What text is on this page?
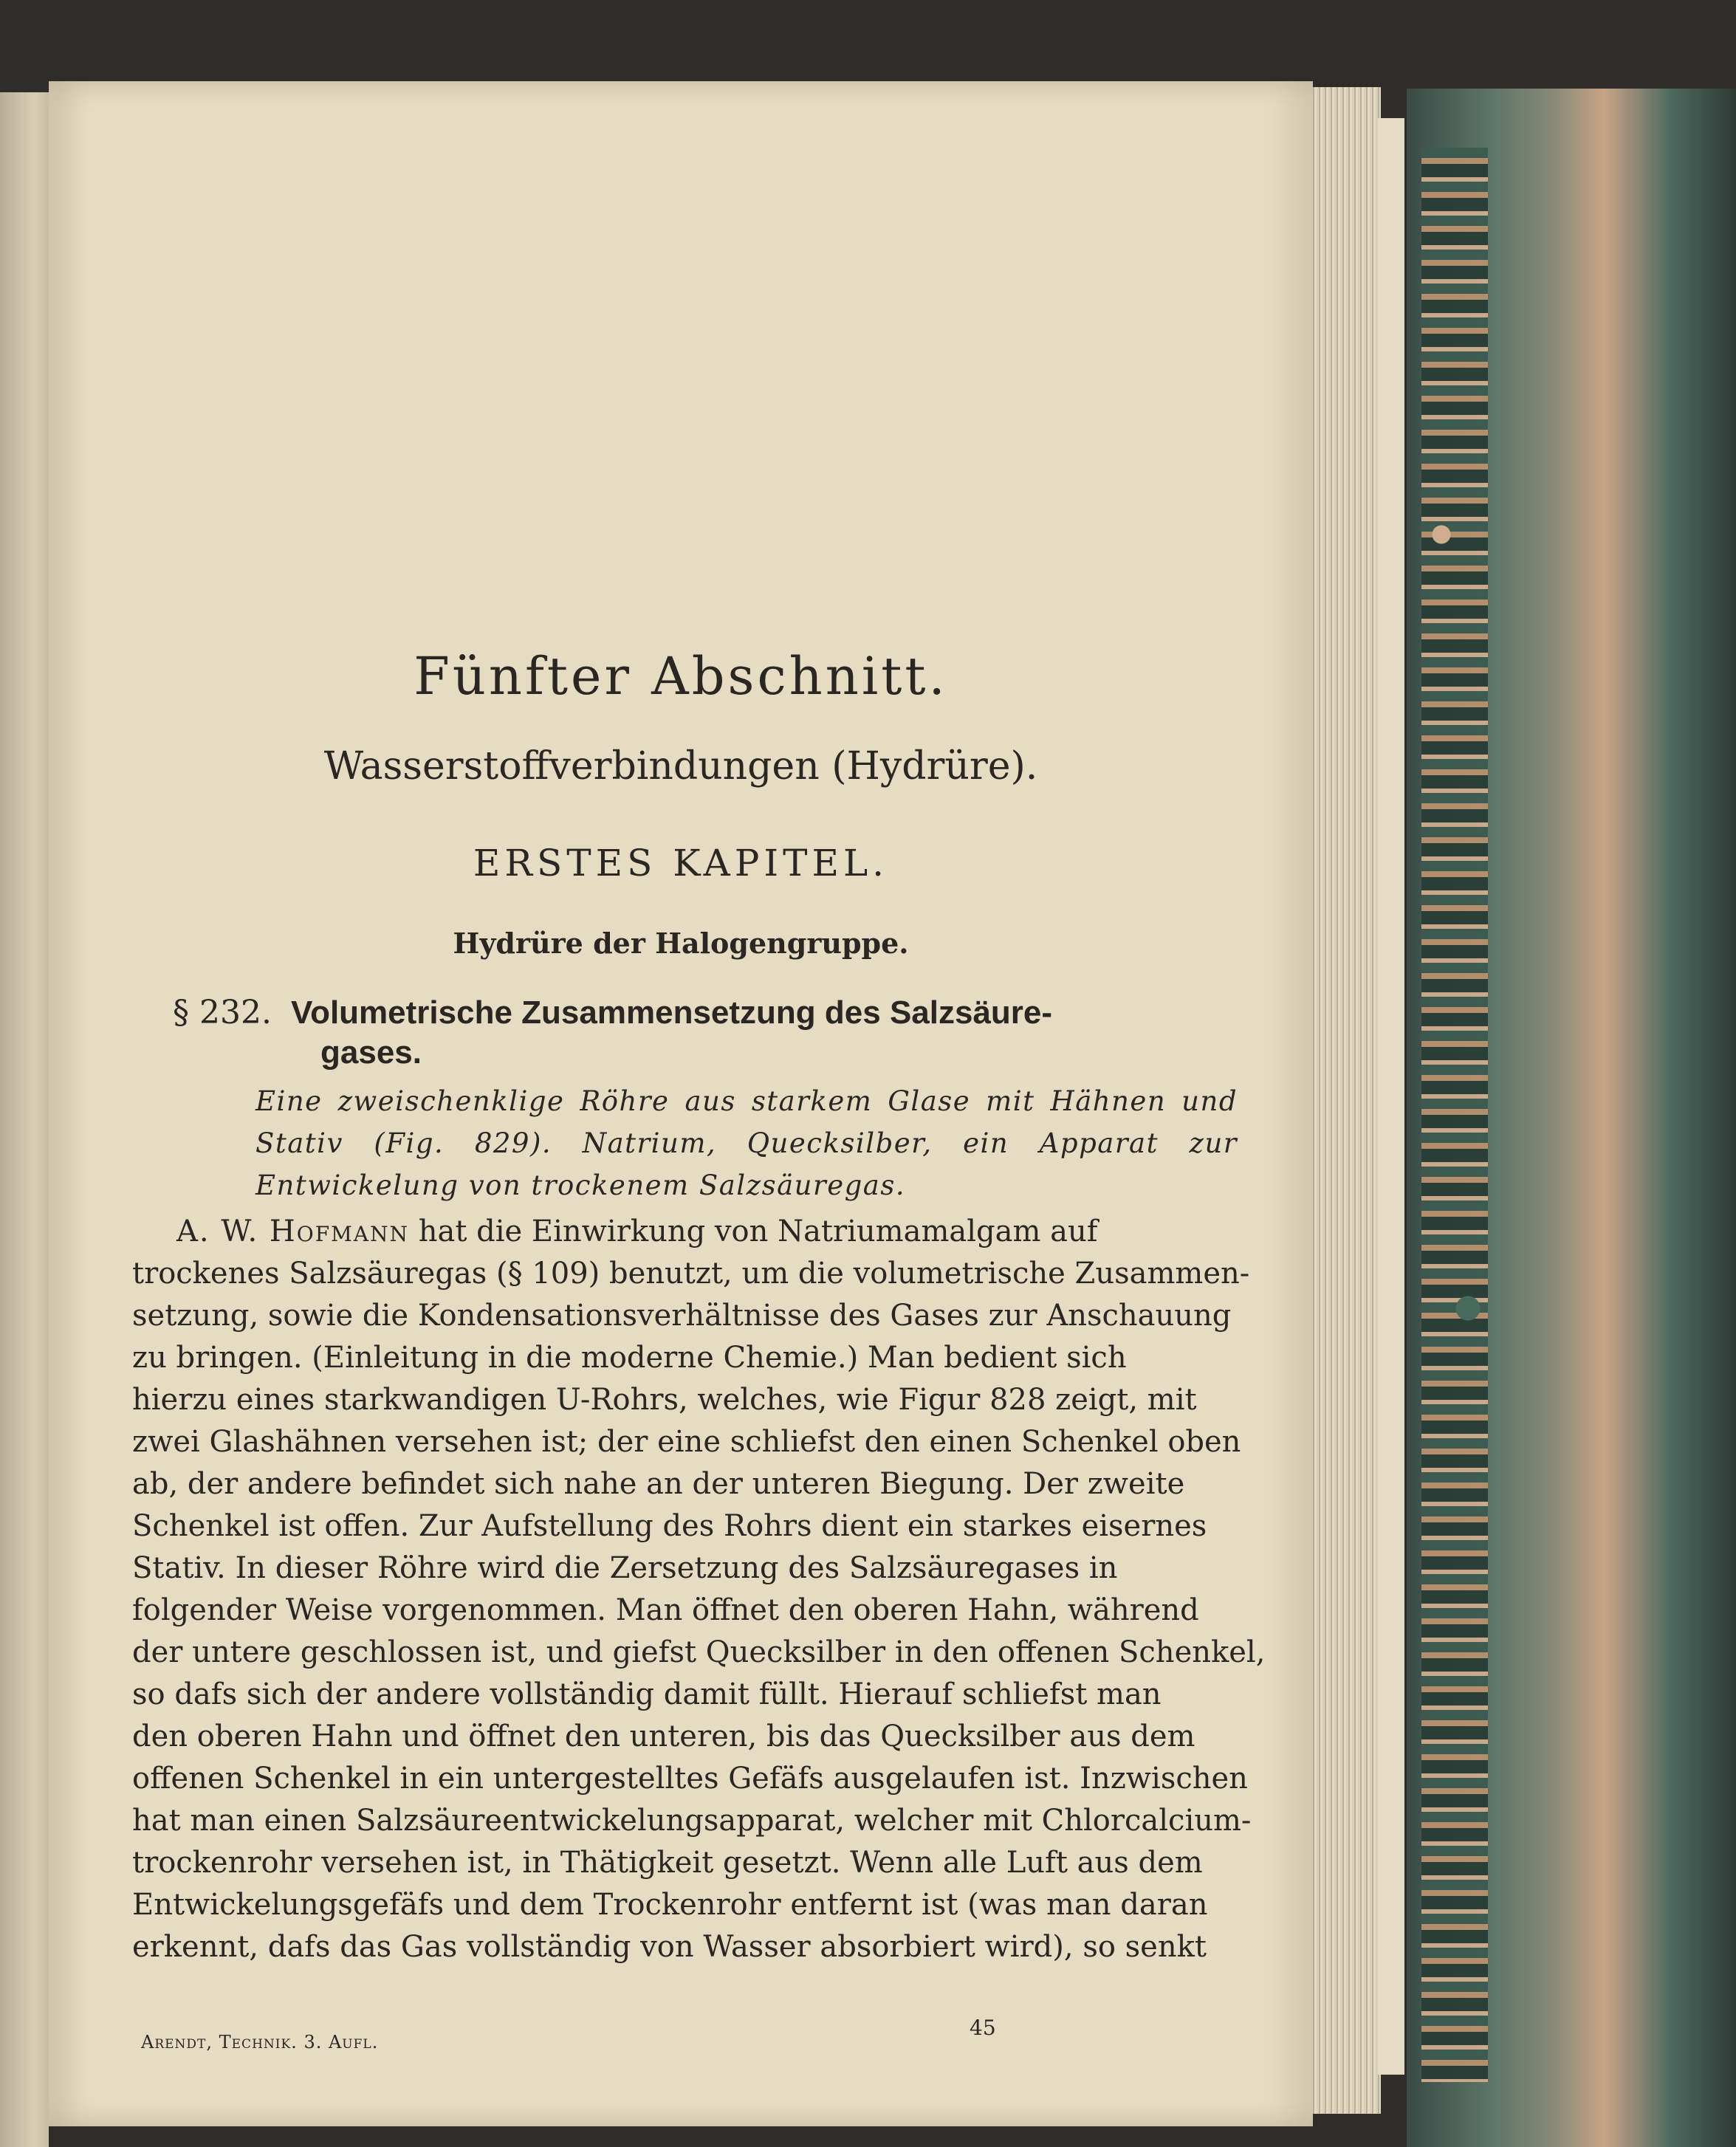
Fünfter Abschnitt.
Wasserstoffverbindungen (Hydrüre).
ERSTES KAPITEL.
Hydrüre der Halogengruppe.
§ 232. Volumetrische Zusammensetzung des Salzsäure-
gases.
Eine zweischenklige Röhre aus starkem Glase mit Hähnen und Stativ (Fig. 829). Natrium, Quecksilber, ein Apparat zur Entwickelung von trockenem Salzsäuregas.
A. W. Hofmann hat die Einwirkung von Natriumamalgam auf
trockenes Salzsäuregas (§ 109) benutzt, um die volumetrische Zusammen-
setzung, sowie die Kondensationsverhältnisse des Gases zur Anschauung
zu bringen. (Einleitung in die moderne Chemie.) Man bedient sich
hierzu eines starkwandigen U-Rohrs, welches, wie Figur 828 zeigt, mit
zwei Glashähnen versehen ist; der eine schliefst den einen Schenkel oben
ab, der andere befindet sich nahe an der unteren Biegung. Der zweite
Schenkel ist offen. Zur Aufstellung des Rohrs dient ein starkes eisernes
Stativ. In dieser Röhre wird die Zersetzung des Salzsäuregases in
folgender Weise vorgenommen. Man öffnet den oberen Hahn, während
der untere geschlossen ist, und giefst Quecksilber in den offenen Schenkel,
so dafs sich der andere vollständig damit füllt. Hierauf schliefst man
den oberen Hahn und öffnet den unteren, bis das Quecksilber aus dem
offenen Schenkel in ein untergestelltes Gefäfs ausgelaufen ist. Inzwischen
hat man einen Salzsäureentwickelungsapparat, welcher mit Chlorcalcium-
trockenrohr versehen ist, in Thätigkeit gesetzt. Wenn alle Luft aus dem
Entwickelungsgefäfs und dem Trockenrohr entfernt ist (was man daran
erkennt, dafs das Gas vollständig von Wasser absorbiert wird), so senkt
Arendt, Technik. 3. Aufl.
45
